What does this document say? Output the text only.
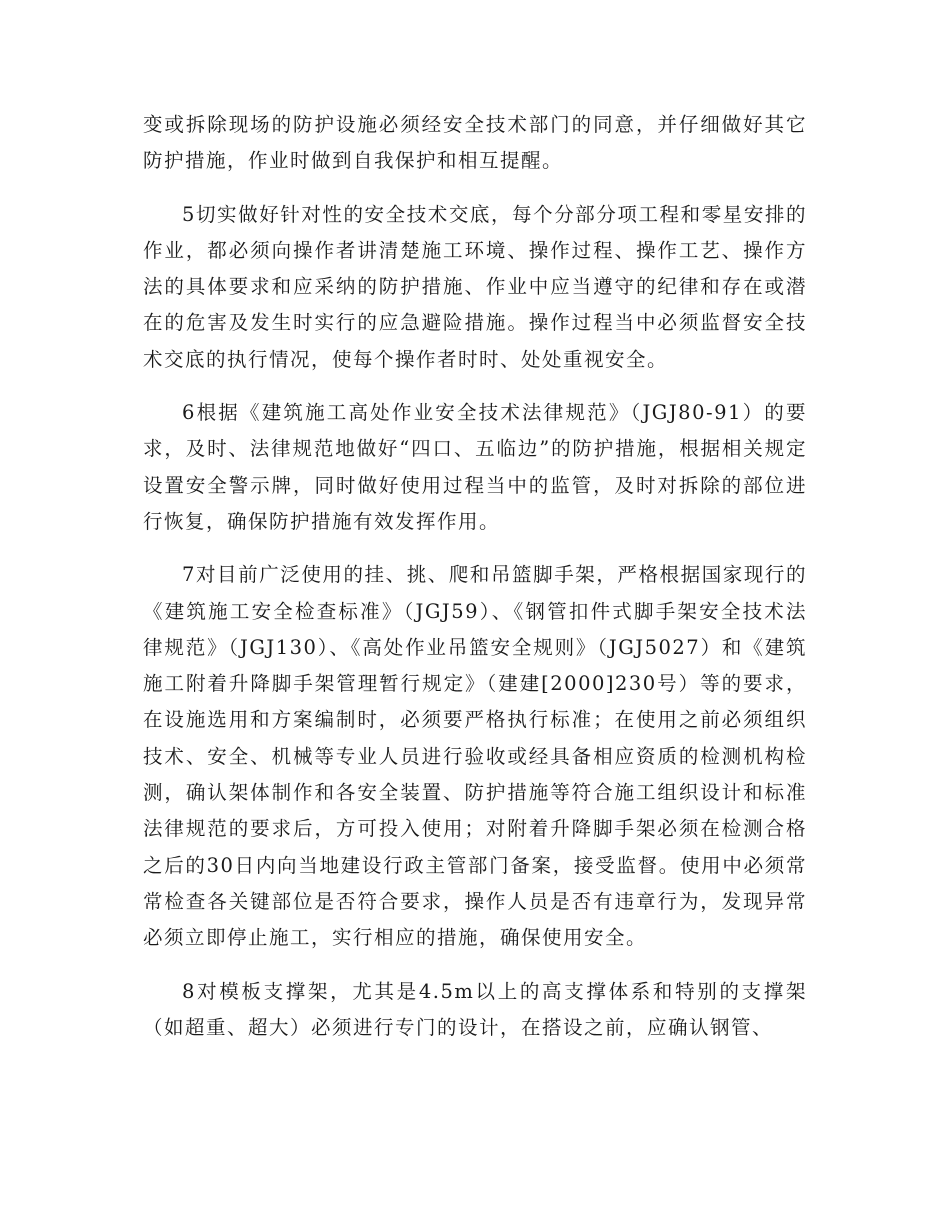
变或拆除现场的防护设施必须经安全技术部门的同意，并仔细做好其它防护措施，作业时做到自我保护和相互提醒。

5切实做好针对性的安全技术交底，每个分部分项工程和零星安排的作业，都必须向操作者讲清楚施工环境、操作过程、操作工艺、操作方法的具体要求和应采纳的防护措施、作业中应当遵守的纪律和存在或潜在的危害及发生时实行的应急避险措施。操作过程当中必须监督安全技术交底的执行情况，使每个操作者时时、处处重视安全。

6根据《建筑施工高处作业安全技术法律规范》（JGJ80-91）的要求，及时、法律规范地做好“四口、五临边”的防护措施，根据相关规定设置安全警示牌，同时做好使用过程当中的监管，及时对拆除的部位进行恢复，确保防护措施有效发挥作用。

7对目前广泛使用的挂、挑、爬和吊篮脚手架，严格根据国家现行的《建筑施工安全检查标准》（JGJ59）、《钢管扣件式脚手架安全技术法律规范》（JGJ130）、《高处作业吊篮安全规则》（JGJ5027）和《建筑施工附着升降脚手架管理暂行规定》（建建[2000]230号）等的要求，在设施选用和方案编制时，必须要严格执行标准；在使用之前必须组织技术、安全、机械等专业人员进行验收或经具备相应资质的检测机构检测，确认架体制作和各安全装置、防护措施等符合施工组织设计和标准法律规范的要求后，方可投入使用；对附着升降脚手架必须在检测合格之后的30日内向当地建设行政主管部门备案，接受监督。使用中必须常常检查各关键部位是否符合要求，操作人员是否有违章行为，发现异常必须立即停止施工，实行相应的措施，确保使用安全。

8对模板支撑架，尤其是4.5m以上的高支撑体系和特别的支撑架（如超重、超大）必须进行专门的设计，在搭设之前，应确认钢管、
